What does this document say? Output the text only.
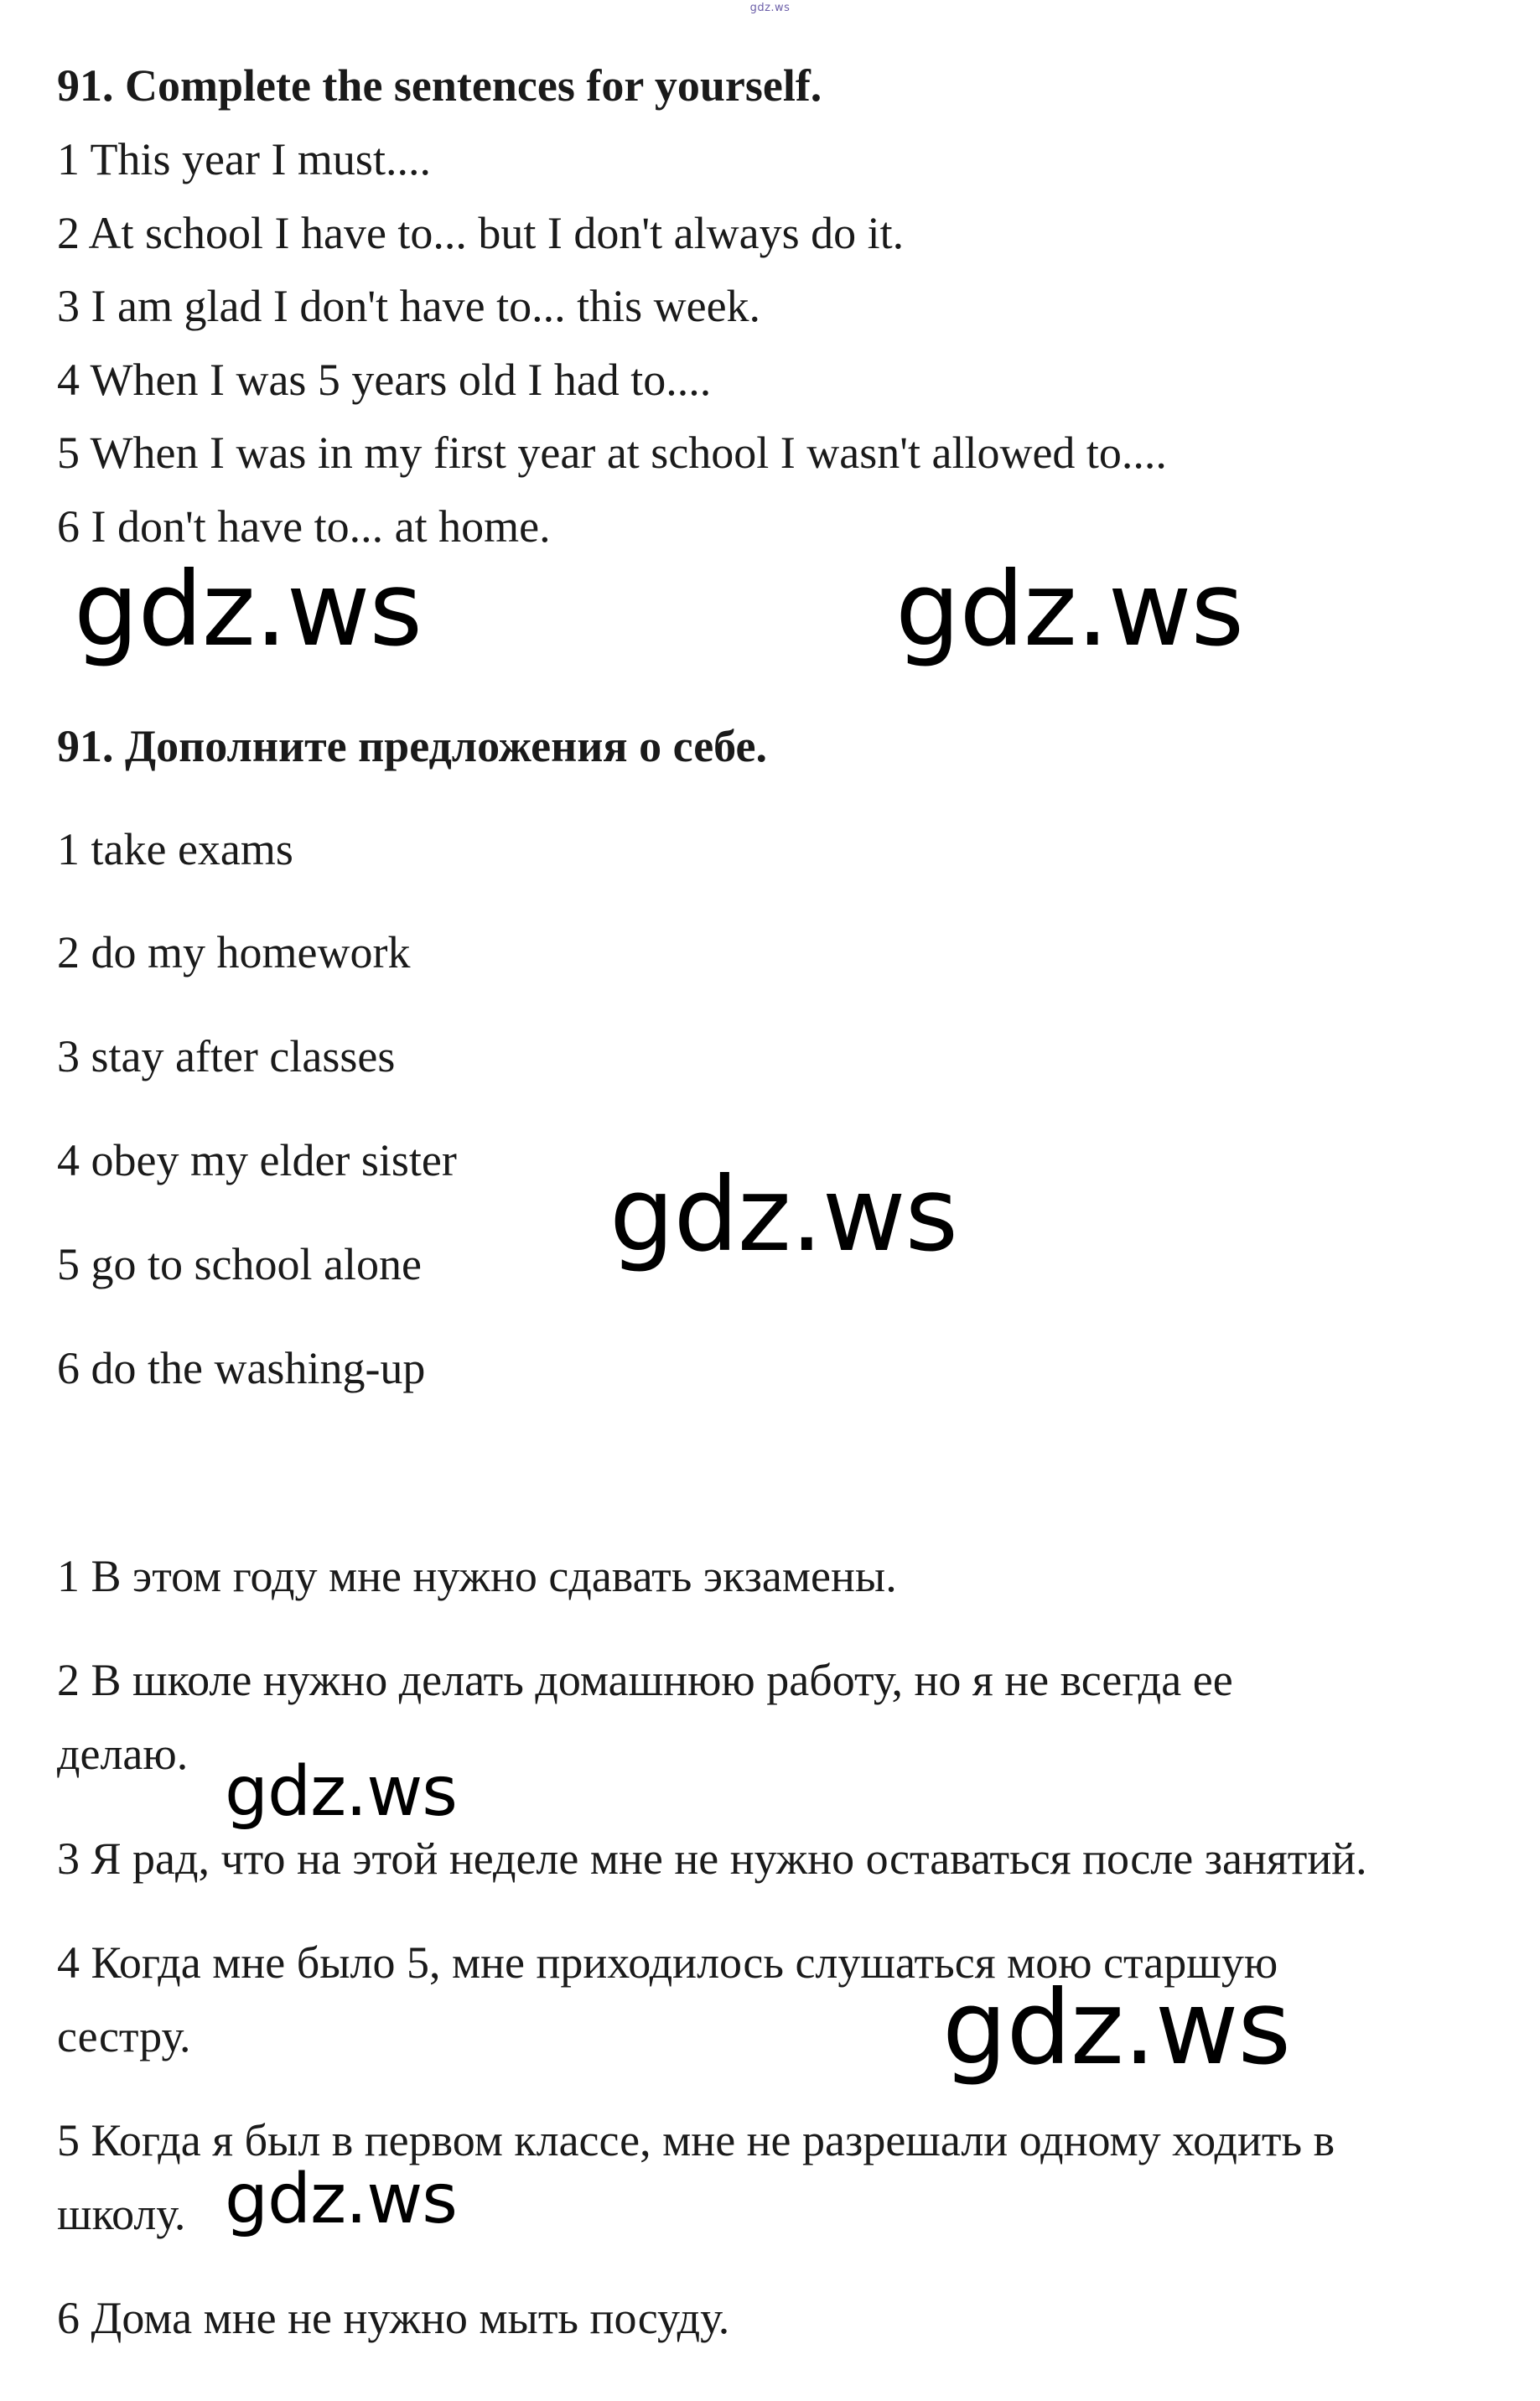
gdz.ws
91. Complete the sentences for yourself.
1 This year I must....
2 At school I have to... but I don't always do it.
3 I am glad I don't have to... this week.
4 When I was 5 years old I had to....
5 When I was in my first year at school I wasn't allowed to....
6 I don't have to... at home.
91. Дополните предложения о себе.
1 take exams
2 do my homework
3 stay after classes
4 obey my elder sister
5 go to school alone
6 do the washing-up
1 В этом году мне нужно сдавать экзамены.
2 В школе нужно делать домашнюю работу, но я не всегда ее
делаю.
3 Я рад, что на этой неделе мне не нужно оставаться после занятий.
4 Когда мне было 5, мне приходилось слушаться мою старшую
сестру.
5 Когда я был в первом классе, мне не разрешали одному ходить в
школу.
6 Дома мне не нужно мыть посуду.
gdz.ws	gdz.ws
gdz.ws
gdz.ws
gdz.ws
gdz.ws
